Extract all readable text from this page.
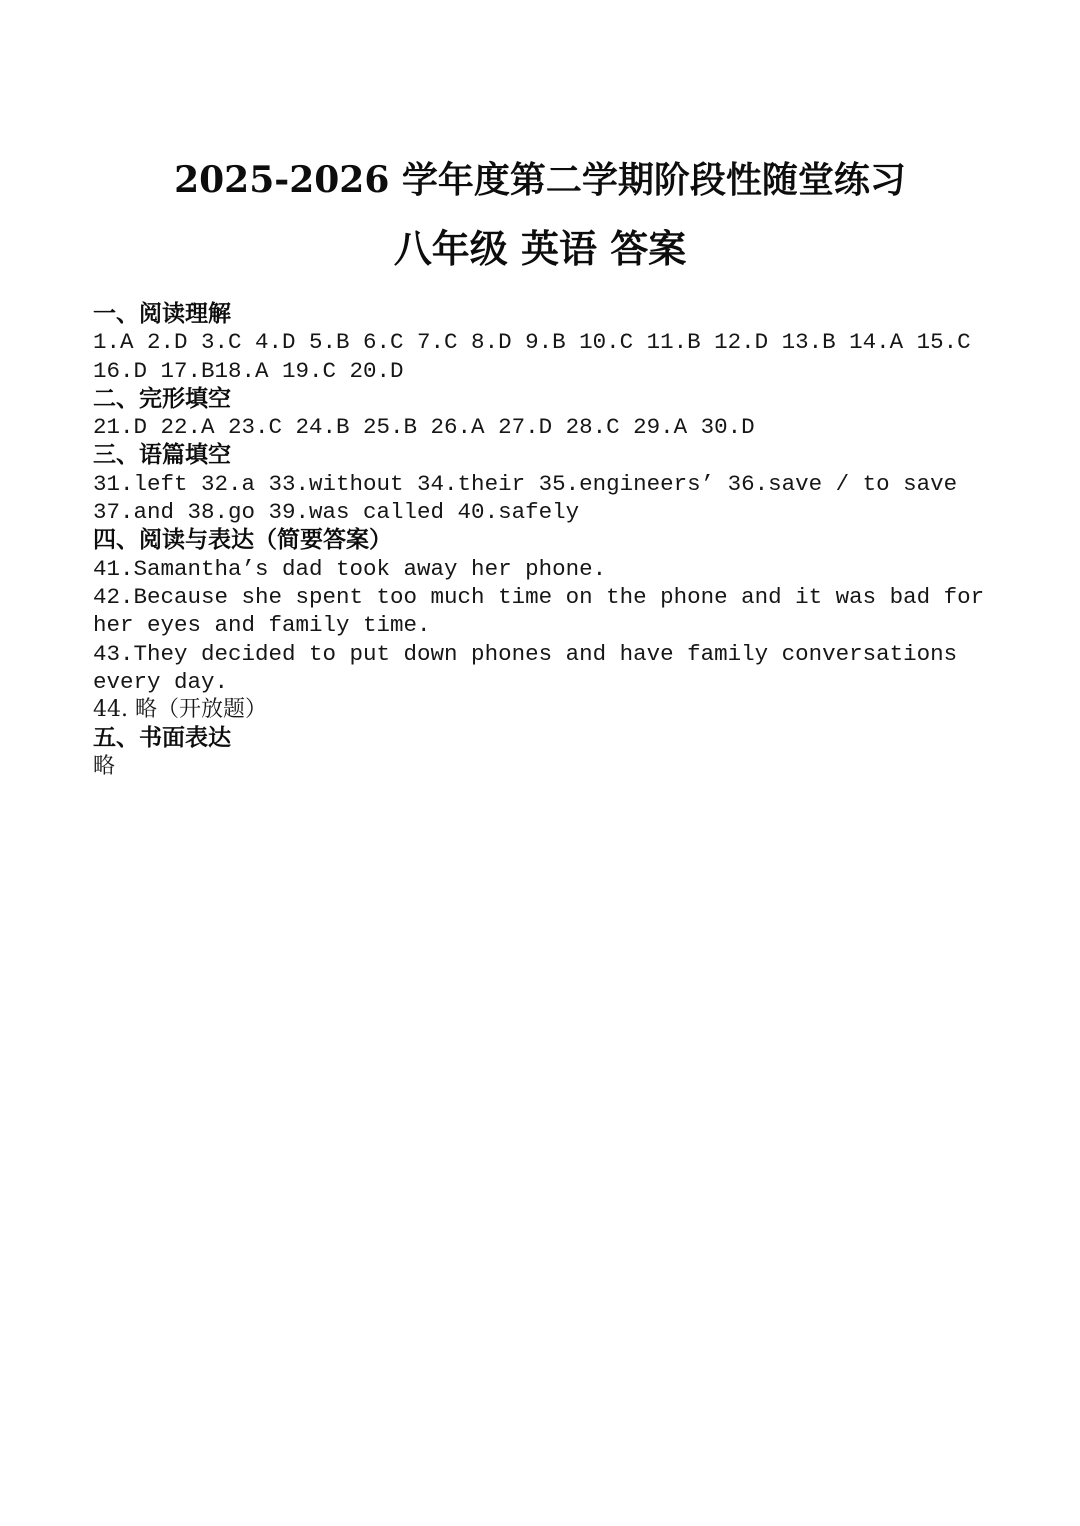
2025-2026 学年度第二学期阶段性随堂练习
八年级 英语 答案
一、阅读理解
1.A 2.D 3.C 4.D 5.B 6.C 7.C 8.D 9.B 10.C 11.B 12.D 13.B 14.A 15.C
16.D 17.B18.A 19.C 20.D
二、完形填空
21.D 22.A 23.C 24.B 25.B 26.A 27.D 28.C 29.A 30.D
三、语篇填空
31.left 32.a 33.without 34.their 35.engineers’ 36.save / to save
37.and 38.go 39.was called 40.safely
四、阅读与表达（简要答案）
41.Samantha’s dad took away her phone.
42.Because she spent too much time on the phone and it was bad for
her eyes and family time.
43.They decided to put down phones and have family conversations
every day.
44. 略（开放题）
五、书面表达
略
